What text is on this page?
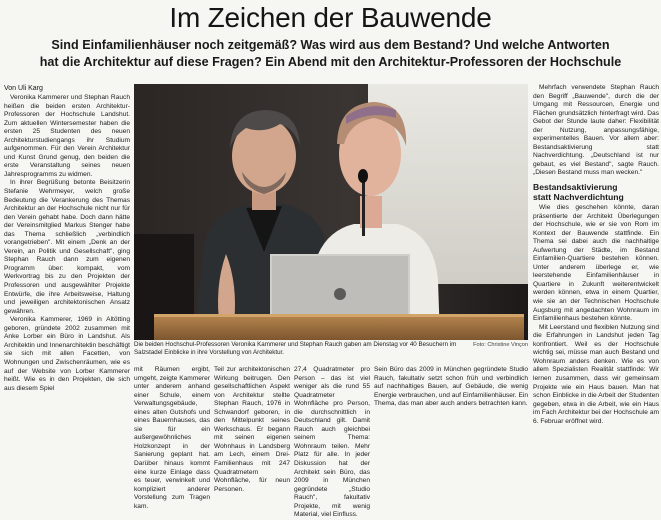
Im Zeichen der Bauwende
Sind Einfamilienhäuser noch zeitgemäß? Was wird aus dem Bestand? Und welche Antworten
hat die Architektur auf diese Fragen? Ein Abend mit den Architektur-Professoren der Hochschule
Von Uli Karg

Veronika Kammerer und Stephan Rauch heißen die beiden ersten Architektur-Professoren der Hochschule Landshut. Zum aktuellen Wintersemester haben die ersten 25 Studenten des neuen Architekturstudiengangs ihr Studium aufgenommen. Für den Verein Architektur und Kunst Grund genug, den beiden die erste Veranstaltung seines neuen Jahresprogramms zu widmen.

In ihrer Begrüßung betonte Beisitzerin Stefanie Wehrmeyer, welch große Bedeutung die Verankerung des Themas Architektur an der Hochschule nicht nur für den Verein gehabt habe. Doch dann hätte der Vereinsmitglied Markus Stenger habe das Thema schließlich „verbindlich vorangetrieben". Mit einem „Denk an der Verein, an Politik und Gesellschaft", ging Stephan Rauch dann zum eigenen Programm über: kompakt, vom Werkvortrag bis zu den Projekten der Professoren und ausgewählter Projekte Entwürfe, die ihre Arbeitsweise, Haltung und jeweiligen architektonischen Ansatz gewähren.

Veronika Kammerer, 1969 in Altötting geboren, gründete 2002 zusammen mit Anke Lorber ein Büro in Landshut. Als Architektin und Innenarchitektin beschäftigt sie sich mit allen Facetten, von Wohnungen und Zwischenräumen, wie es auf der Website von Lorber Kammerer heißt. Wie es in den Projekten, die sich aus diesem Spiel

Foto: Christine Vinçon
Die beiden Hochschul-Professoren Veronika Kammerer und Stephan Rauch gaben am Dienstag vor 40 Besuchern im Salzstadel Einblicke in ihre Vorstellung von Architektur.

mit Räumen ergibt, umgeht, zeigte Kammerer unter anderem anhand einer Schule, einem Verwaltungsgebäude, eines alten Gutshofs und eines Bauernhauses, das sie für ein außergewöhnliches Holzkonzept in der Sanierung geplant hat. Darüber hinaus kommt eine kurze Einlage dass es teuer, verwinkelt und kompliziert anderer Vorstellung zum Tragen kam.

Teil zur architektonischen Wirkung beitrugen. Den gesellschaftlichen Aspekt von Architektur stellte Stephan Rauch, 1976 in Schwandorf geboren, in den Mittelpunkt seines Werkschaus. Er begann mit seinen eigenen Wohnhaus in Landsberg am Lech, einem Drei-Familienhaus mit 247 Quadratmetern Wohnfläche, für neun Personen.

27,4 Quadratmeter pro Person – das ist viel weniger als die rund 55 Quadratmeter Wohnfläche pro Person, die durchschnittlich in Deutschland gilt. Damit Rauch auch gleichbei seinem Thema: Wohnraum teilen. Mehr Platz für alle. In jeder Diskussion hat der Architekt sein Büro, das 2009 in München gegründete „Studio Rauch", fakultativ Projekte, mit wenig Material, viel Einfluss.

Sein Büro das 2009 in München gegründete Studio Rauch, fakultativ setzt schon früh und verbindlich auf nachhaltiges Bauen, auf Gebäude, die wenig Energie verbrauchen, und auf Einfamilienhäuser. Ein Thema, das man aber auch anders betrachten kann.

Mehrfach verwendete Stephan Rauch den Begriff „Bauwende", durch die der Umgang mit Ressourcen, Energie und Flächen grundsätzlich hinterfragt wird. Das Gebot der Stunde laute daher: Flexibilität der Nutzung, anpassungsfähige, experimentelles Bauen. Vor allem aber: Bestandsaktivierung statt Nachverdichtung. „Deutschland ist nur gebaut, es viel Bestand", sagte Rauch. „Diesen Bestand muss man wecken."

Bestandsaktivierung
statt Nachverdichtung

Wie dies geschehen könnte, daran präsentierte der Architekt Überlegungen der Hochschule, wie er sie von Rom im Kontext der Bauwende stattfinde. Ein Thema sei dabei auch die nachhaltige Aufwertung der Städte, im Bestand Einfamilien-Quartiere bestehen können. Unter anderem überlege er, wie leerstehende Einfamilienhäuser in Quartiere in Zukunft weiterentwickelt werden können, etwa in einem Quartier, wie sie an der Technischen Hochschule Augsburg mit angedachten Wohnraum im Einfamilienhaus bestehen könnte.

Mit Leerstand und flexiblen Nutzung sind die Erfahrungen in Landshut jeden Tag konfrontiert. Weil es der Hochschule wichtig sei, müsse man auch Bestand und Wohnraum anders denken. Wie es von allem Spezialisten Realität stattfinde: Wir lernen zusammen, dass wir gemeinsam Projekte wie ein Haus bauen. Man hat schon Einblicke in die Arbeit der Studenten gegeben, etwa in die Arbeit, wie ein Haus im Fach Architektur bei der Hochschule am 6. Februar eröffnet wird.
